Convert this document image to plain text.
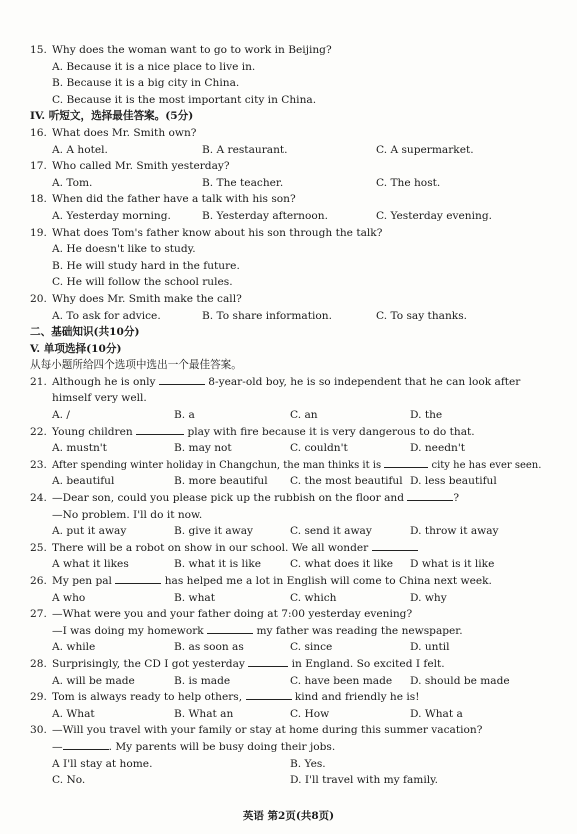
15. Why does the woman want to go to work in Beijing?
A. Because it is a nice place to live in.
B. Because it is a big city in China.
C. Because it is the most important city in China.
IV. 听短文，选择最佳答案。(5分)
16. What does Mr. Smith own?
A. A hotel.	B. A restaurant.	C. A supermarket.
17. Who called Mr. Smith yesterday?
A. Tom.	B. The teacher.	C. The host.
18. When did the father have a talk with his son?
A. Yesterday morning.	B. Yesterday afternoon.	C. Yesterday evening.
19. What does Tom's father know about his son through the talk?
A. He doesn't like to study.
B. He will study hard in the future.
C. He will follow the school rules.
20. Why does Mr. Smith make the call?
A. To ask for advice.	B. To share information.	C. To say thanks.
二、基础知识(共10分)
V. 单项选择(10分)
从每小题所给四个选项中选出一个最佳答案。
21. Although he is only	8-year-old boy, he is so independent that he can look after
himself very well.
A. /	B. a	C. an	D. the
22. Young children	play with fire because it is very dangerous to do that.
A. mustn't	B. may not	C. couldn't	D. needn't
23. After spending winter holiday in Changchun, the man thinks it is	city he has ever seen.
A. beautiful	B. more beautiful C. the most beautiful D. less beautiful
24. —Dear son, could you please pick up the rubbish on the floor and	?
—No problem. I'll do it now.
A. put it away	B. give it away	C. send it away	D. throw it away
25. There will be a robot on show in our school. We all wonder
A what it likes	B. what it is like	C. what does it like D what is it like
26. My pen pal	has helped me a lot in English will come to China next week.
A who	B. what	C. which	D. why
27. —What were you and your father doing at 7:00 yesterday evening?
—I was doing my homework	my father was reading the newspaper.
A. while	B. as soon as	C. since	D. until
28. Surprisingly, the CD I got yesterday	in England. So excited I felt.
A. will be made	B. is made	C. have been made D. should be made
29. Tom is always ready to help others,	kind and friendly he is!
A. What	B. What an	C. How	D. What a
30. —Will you travel with your family or stay at home during this summer vacation?
—	. My parents will be busy doing their jobs.
A I'll stay at home.	B. Yes.
C. No.	D. I'll travel with my family.
英语 第2页(共8页)
